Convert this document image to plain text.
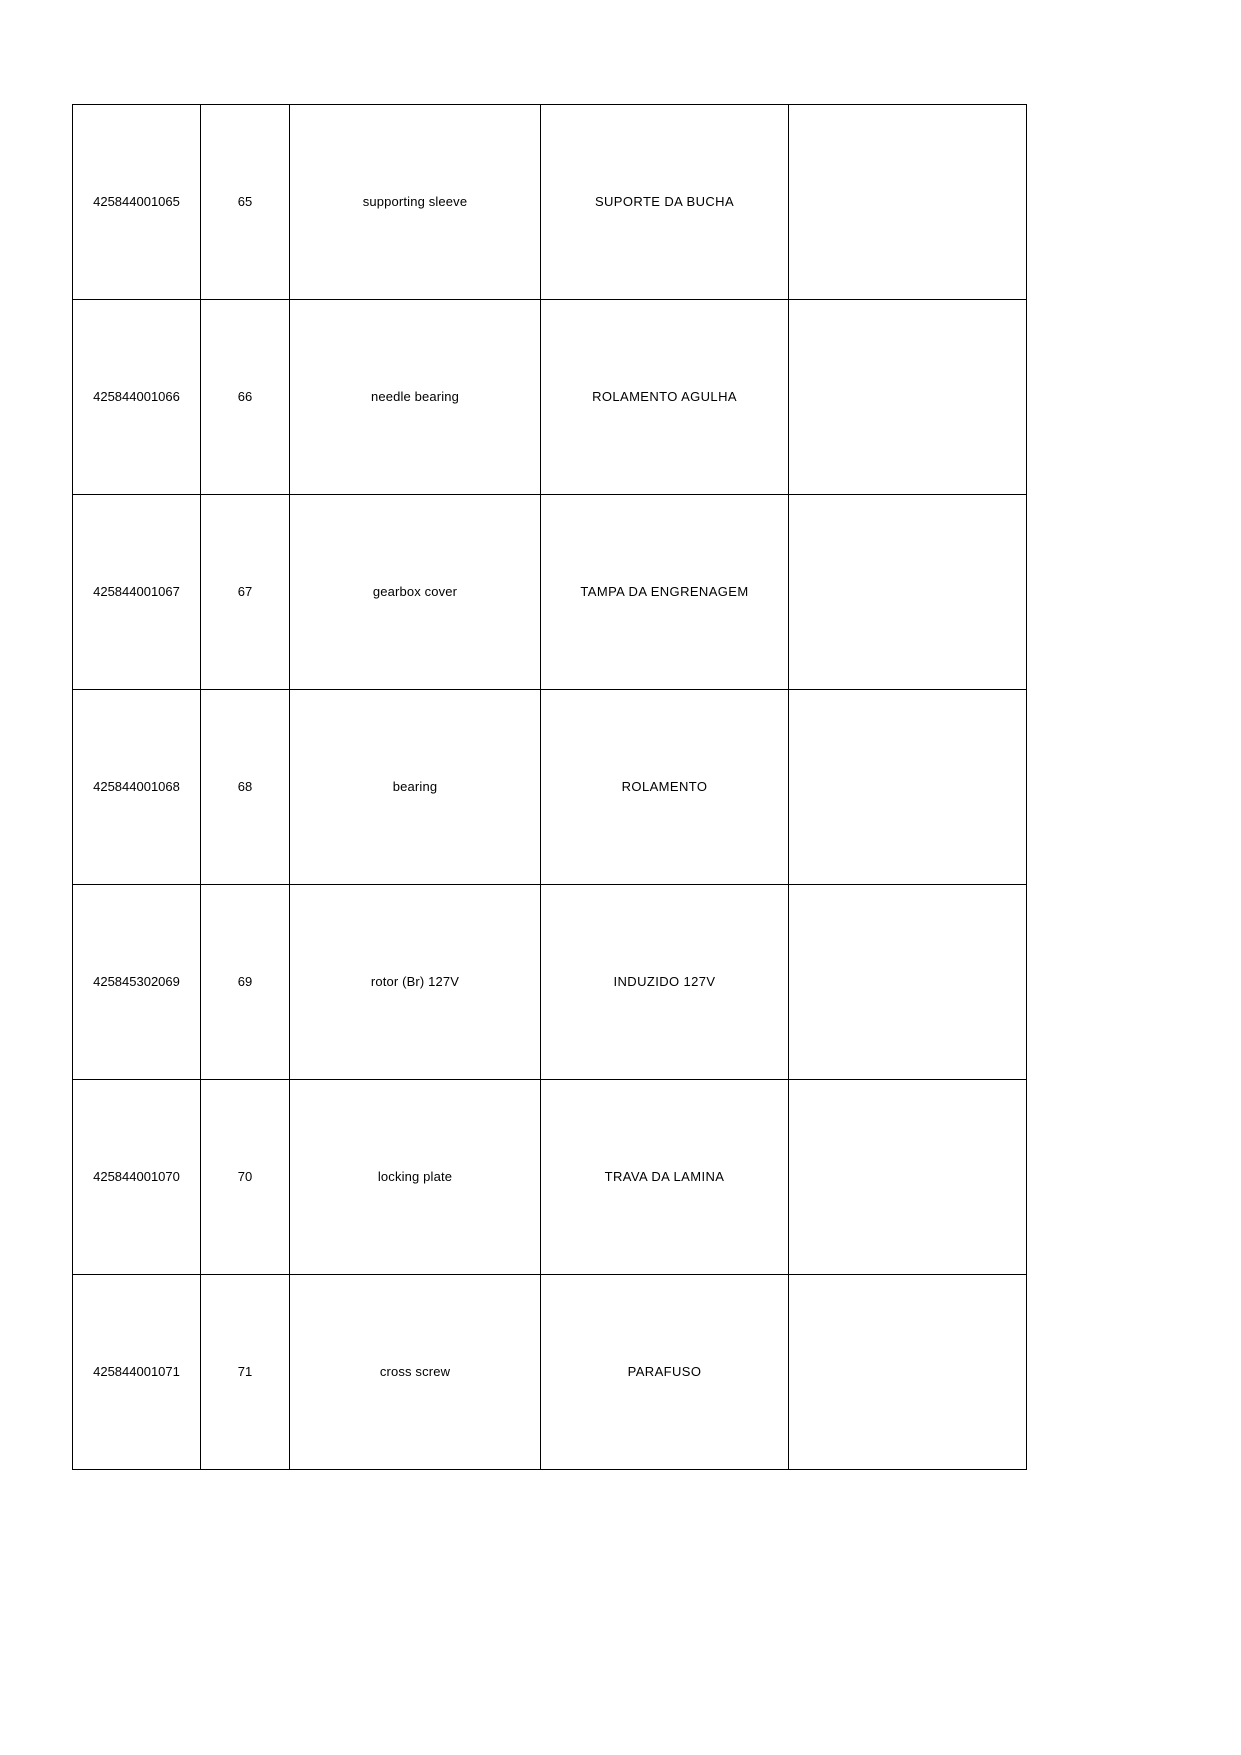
425844001065	65	supporting sleeve	SUPORTE DA BUCHA	
425844001066	66	needle bearing	ROLAMENTO AGULHA	
425844001067	67	gearbox cover	TAMPA DA ENGRENAGEM	
425844001068	68	bearing	ROLAMENTO	
425845302069	69	rotor (Br) 127V	INDUZIDO 127V	
425844001070	70	locking plate	TRAVA DA LAMINA	
425844001071	71	cross screw	PARAFUSO	
